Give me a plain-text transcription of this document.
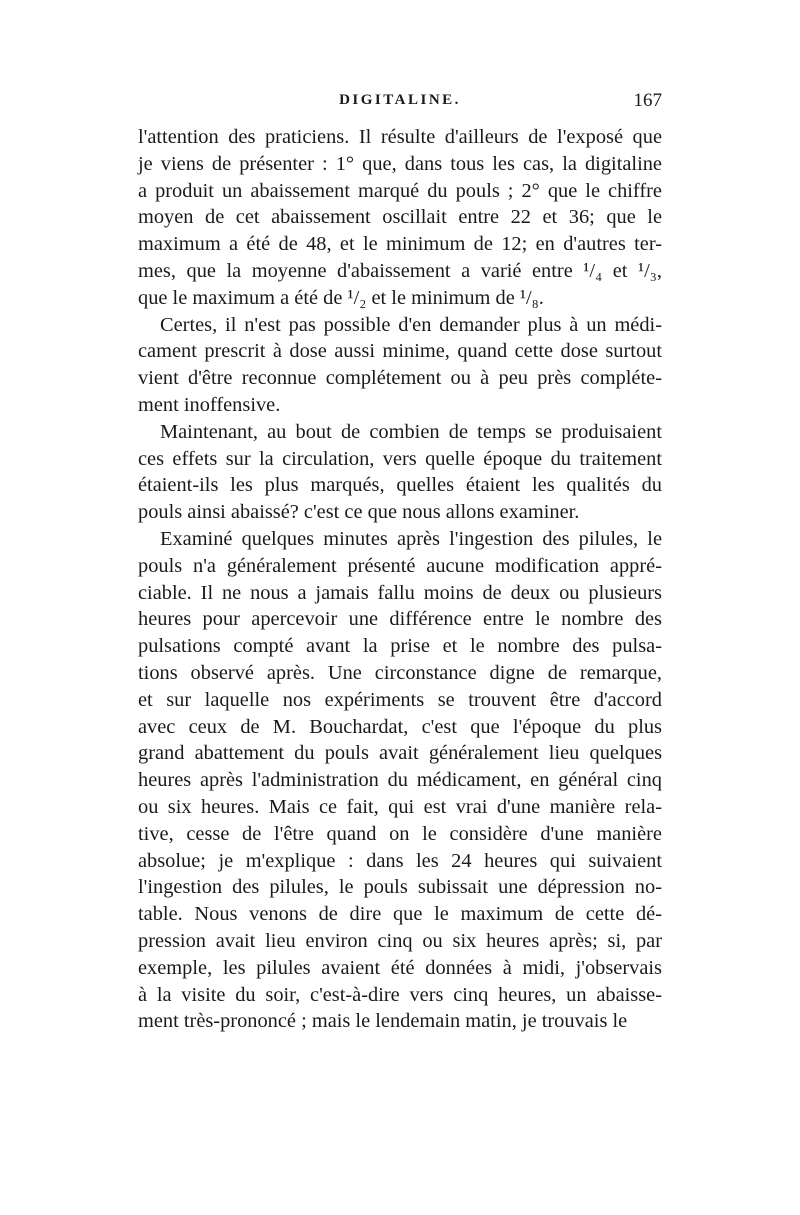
DIGITALINE.	167
l'attention des praticiens. Il résulte d'ailleurs de l'exposé que
je viens de présenter : 1° que, dans tous les cas, la digitaline
a produit un abaissement marqué du pouls ; 2° que le chiffre
moyen de cet abaissement oscillait entre 22 et 36; que le
maximum a été de 48, et le minimum de 12; en d'autres ter-
mes, que la moyenne d'abaissement a varié entre ¹/₄ et ¹/₃,
que le maximum a été de ¹/₂ et le minimum de ¹/₈.
Certes, il n'est pas possible d'en demander plus à un médi-
cament prescrit à dose aussi minime, quand cette dose surtout
vient d'être reconnue complétement ou à peu près compléte-
ment inoffensive.
Maintenant, au bout de combien de temps se produisaient
ces effets sur la circulation, vers quelle époque du traitement
étaient-ils les plus marqués, quelles étaient les qualités du
pouls ainsi abaissé? c'est ce que nous allons examiner.
Examiné quelques minutes après l'ingestion des pilules, le
pouls n'a généralement présenté aucune modification appré-
ciable. Il ne nous a jamais fallu moins de deux ou plusieurs
heures pour apercevoir une différence entre le nombre des
pulsations compté avant la prise et le nombre des pulsa-
tions observé après. Une circonstance digne de remarque,
et sur laquelle nos expériments se trouvent être d'accord
avec ceux de M. Bouchardat, c'est que l'époque du plus
grand abattement du pouls avait généralement lieu quelques
heures après l'administration du médicament, en général cinq
ou six heures. Mais ce fait, qui est vrai d'une manière rela-
tive, cesse de l'être quand on le considère d'une manière
absolue; je m'explique : dans les 24 heures qui suivaient
l'ingestion des pilules, le pouls subissait une dépression no-
table. Nous venons de dire que le maximum de cette dé-
pression avait lieu environ cinq ou six heures après; si, par
exemple, les pilules avaient été données à midi, j'observais
à la visite du soir, c'est-à-dire vers cinq heures, un abaisse-
ment très-prononcé ; mais le lendemain matin, je trouvais le
